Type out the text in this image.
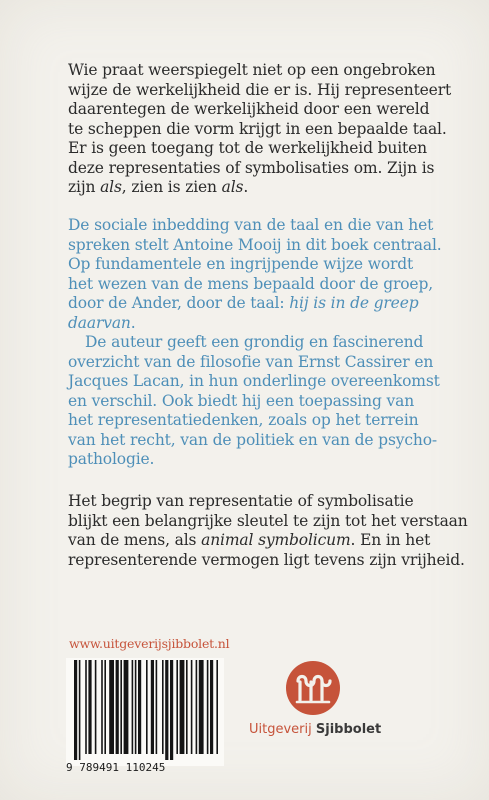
Wie praat weerspiegelt niet op een ongebroken
wijze de werkelijkheid die er is. Hij representeert
daarentegen de werkelijkheid door een wereld
te scheppen die vorm krijgt in een bepaalde taal.
Er is geen toegang tot de werkelijkheid buiten
deze representaties of symbolisaties om. Zijn is
zijn als, zien is zien als.

De sociale inbedding van de taal en die van het
spreken stelt Antoine Mooij in dit boek centraal.
Op fundamentele en ingrijpende wijze wordt
het wezen van de mens bepaald door de groep,
door de Ander, door de taal: hij is in de greep
daarvan.
De auteur geeft een grondig en fascinerend
overzicht van de filosofie van Ernst Cassirer en
Jacques Lacan, in hun onderlinge overeenkomst
en verschil. Ook biedt hij een toepassing van
het representatiedenken, zoals op het terrein
van het recht, van de politiek en van de psycho-
pathologie.

Het begrip van representatie of symbolisatie
blijkt een belangrijke sleutel te zijn tot het verstaan
van de mens, als animal symbolicum. En in het
representerende vermogen ligt tevens zijn vrijheid.

www.uitgeverijsjibbolet.nl
9 789491 110245
Uitgeverij Sjibbolet
